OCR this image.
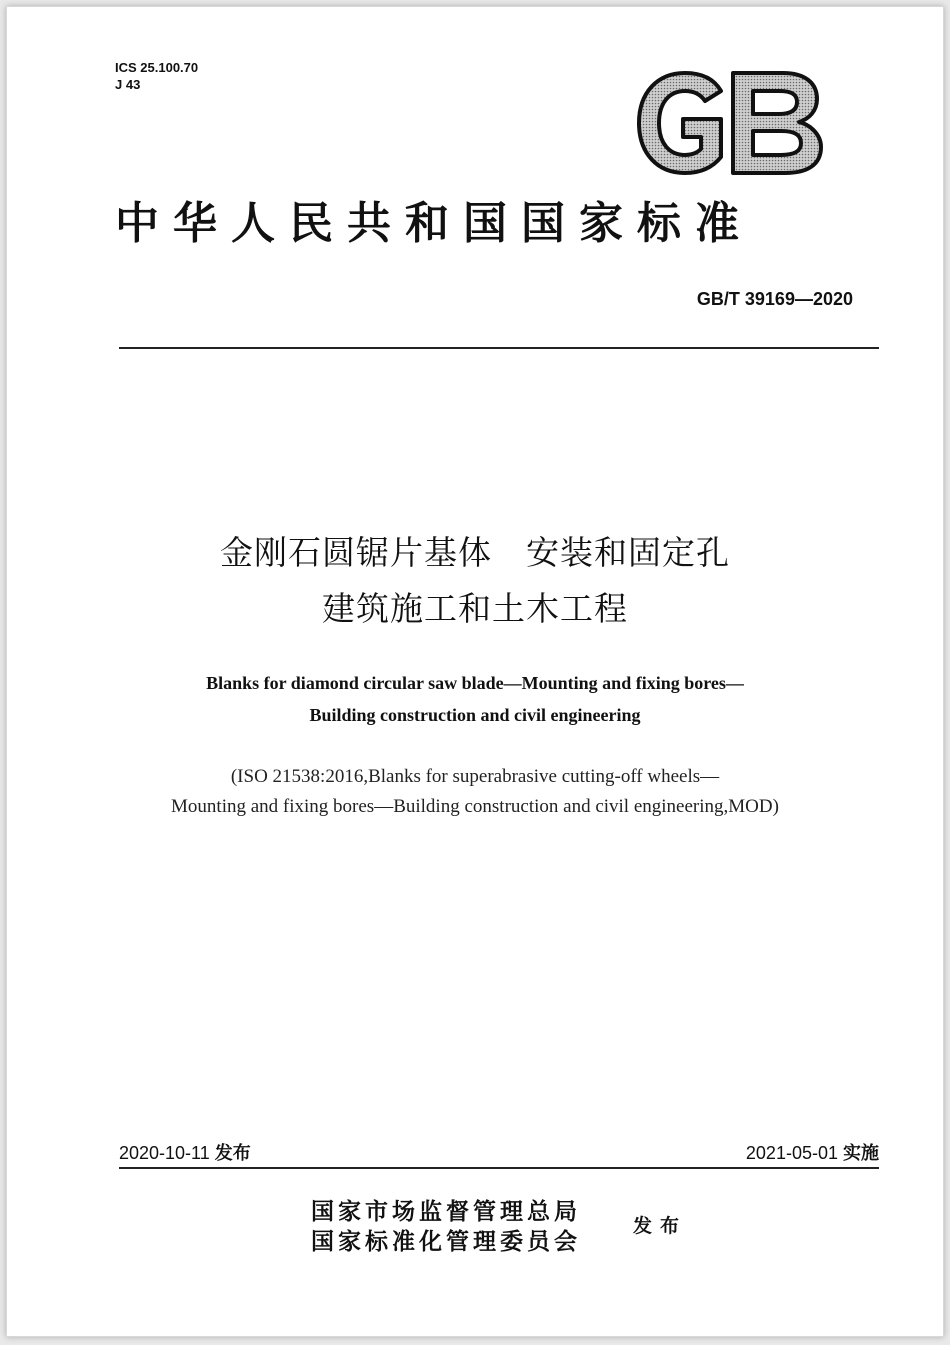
ICS 25.100.70
J 43
中华人民共和国国家标准
GB/T 39169—2020
金刚石圆锯片基体　安装和固定孔
建筑施工和土木工程
Blanks for diamond circular saw blade—Mounting and fixing bores—
Building construction and civil engineering
(ISO 21538:2016,Blanks for superabrasive cutting-off wheels—
Mounting and fixing bores—Building construction and civil engineering,MOD)
2020-10-11 发布	2021-05-01 实施
国家市场监督管理总局
国家标准化管理委员会
发布
